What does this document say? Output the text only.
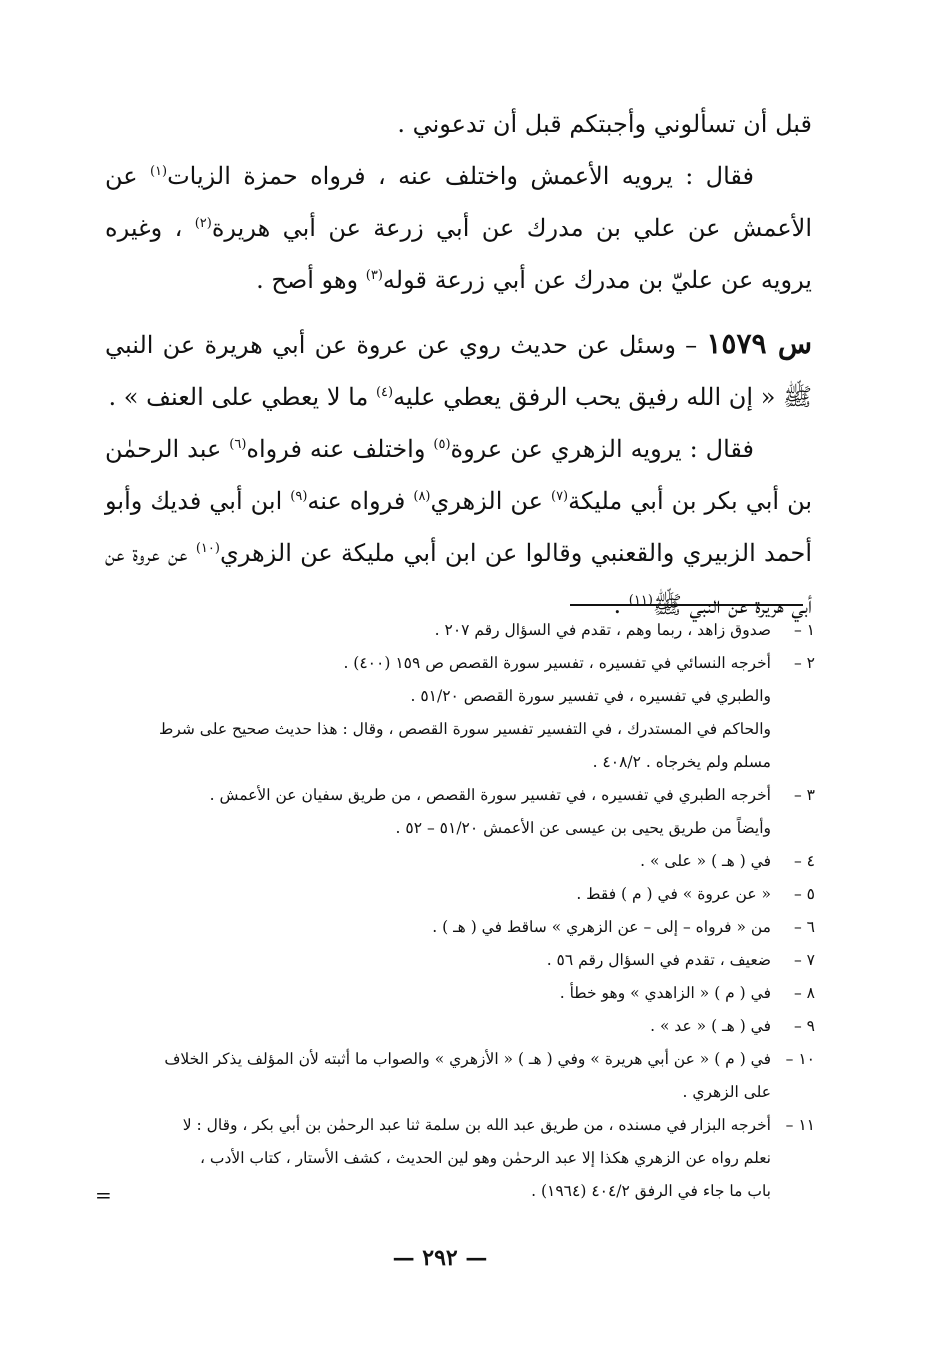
قبل أن تسألوني وأجبتكم قبل أن تدعوني .

فقال : يرويه الأعمش واختلف عنه ، فرواه حمزة الزيات$^{(١)}$ عن الأعمش عن علي بن مدرك عن أبي زرعة عن أبي هريرة$^{(٢)}$ ، وغيره يرويه عن عليّ بن مدرك عن أبي زرعة قوله$^{(٣)}$ وهو أصح .

س ١٥٧٩ – وسئل عن حديث روي عن عروة عن أبي هريرة عن النبي ﷺ « إن الله رفيق يحب الرفق يعطي عليه$^{(٤)}$ ما لا يعطي على العنف » .

فقال : يرويه الزهري عن عروة$^{(٥)}$ واختلف عنه فرواه$^{(٦)}$ عبد الرحمٰن بن أبي بكر بن أبي مليكة$^{(٧)}$ عن الزهري$^{(٨)}$ فرواه عنه$^{(٩)}$ ابن أبي فديك وأبو أحمد الزبيري والقعنبي وقالوا عن ابن أبي مليكة عن الزهري$^{(١٠)}$ عن عروة عن أبي هريرة عن النبي ﷺ$^{(١١)}$ .

١ –
صدوق زاهد ، ربما وهم ، تقدم في السؤال رقم ٢٠٧ .
٢ –
أخرجه النسائي في تفسيره ، تفسير سورة القصص ص ١٥٩ (٤٠٠) .
والطبري في تفسيره ، في تفسير سورة القصص ٥١/٢٠ .
والحاكم في المستدرك ، في التفسير تفسير سورة القصص ، وقال : هذا حديث صحيح على شرط
مسلم ولم يخرجاه . ٤٠٨/٢ .
٣ –
أخرجه الطبري في تفسيره ، في تفسير سورة القصص ، من طريق سفيان عن الأعمش .
وأيضاً من طريق يحيى بن عيسى عن الأعمش ٥١/٢٠ – ٥٢ .
٤ –
في ( هـ ) « على » .
٥ –
« عن عروة » في ( م ) فقط .
٦ –
من « فرواه – إلى – عن الزهري » ساقط في ( هـ ) .
٧ –
ضعيف ، تقدم في السؤال رقم ٥٦ .
٨ –
في ( م ) « الزاهدي » وهو خطأ .
٩ –
في ( هـ ) « عد » .
١٠ –
في ( م ) « عن أبي هريرة » وفي ( هـ ) « الأزهري » والصواب ما أثبته لأن المؤلف يذكر الخلاف
على الزهري .
١١ –
أخرجه البزار في مسنده ، من طريق عبد الله بن سلمة ثنا عبد الرحمٰن بن أبي بكر ، وقال : لا
نعلم رواه عن الزهري هكذا إلا عبد الرحمٰن وهو لين الحديث ، كشف الأستار ، كتاب الأدب ،
باب ما جاء في الرفق ٤٠٤/٢ (١٩٦٤) .
=
— ٢٩٢ —
